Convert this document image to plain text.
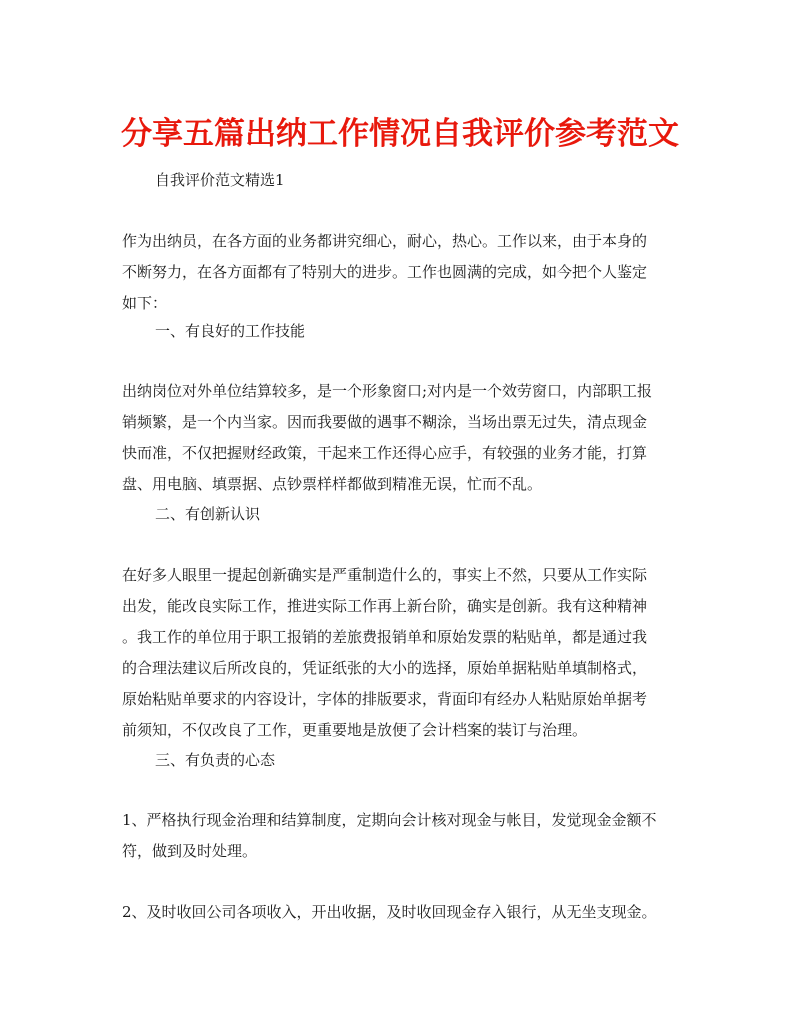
分享五篇出纳工作情况自我评价参考范文

自我评价范文精选1

作为出纳员，在各方面的业务都讲究细心，耐心，热心。工作以来，由于本身的
不断努力，在各方面都有了特别大的进步。工作也圆满的完成，如今把个人鉴定
如下：

一、有良好的工作技能

出纳岗位对外单位结算较多，是一个形象窗口;对内是一个效劳窗口，内部职工报
销频繁，是一个内当家。因而我要做的遇事不糊涂，当场出票无过失，清点现金
快而准，不仅把握财经政策，干起来工作还得心应手，有较强的业务才能，打算
盘、用电脑、填票据、点钞票样样都做到精准无误，忙而不乱。

二、有创新认识

在好多人眼里一提起创新确实是严重制造什么的，事实上不然，只要从工作实际
出发，能改良实际工作，推进实际工作再上新台阶，确实是创新。我有这种精神
。我工作的单位用于职工报销的差旅费报销单和原始发票的粘贴单，都是通过我
的合理法建议后所改良的，凭证纸张的大小的选择，原始单据粘贴单填制格式，
原始粘贴单要求的内容设计，字体的排版要求，背面印有经办人粘贴原始单据考
前须知，不仅改良了工作，更重要地是放便了会计档案的装订与治理。

三、有负责的心态

1、严格执行现金治理和结算制度，定期向会计核对现金与帐目，发觉现金金额不
符，做到及时处理。
2、及时收回公司各项收入，开出收据，及时收回现金存入银行，从无坐支现金。
